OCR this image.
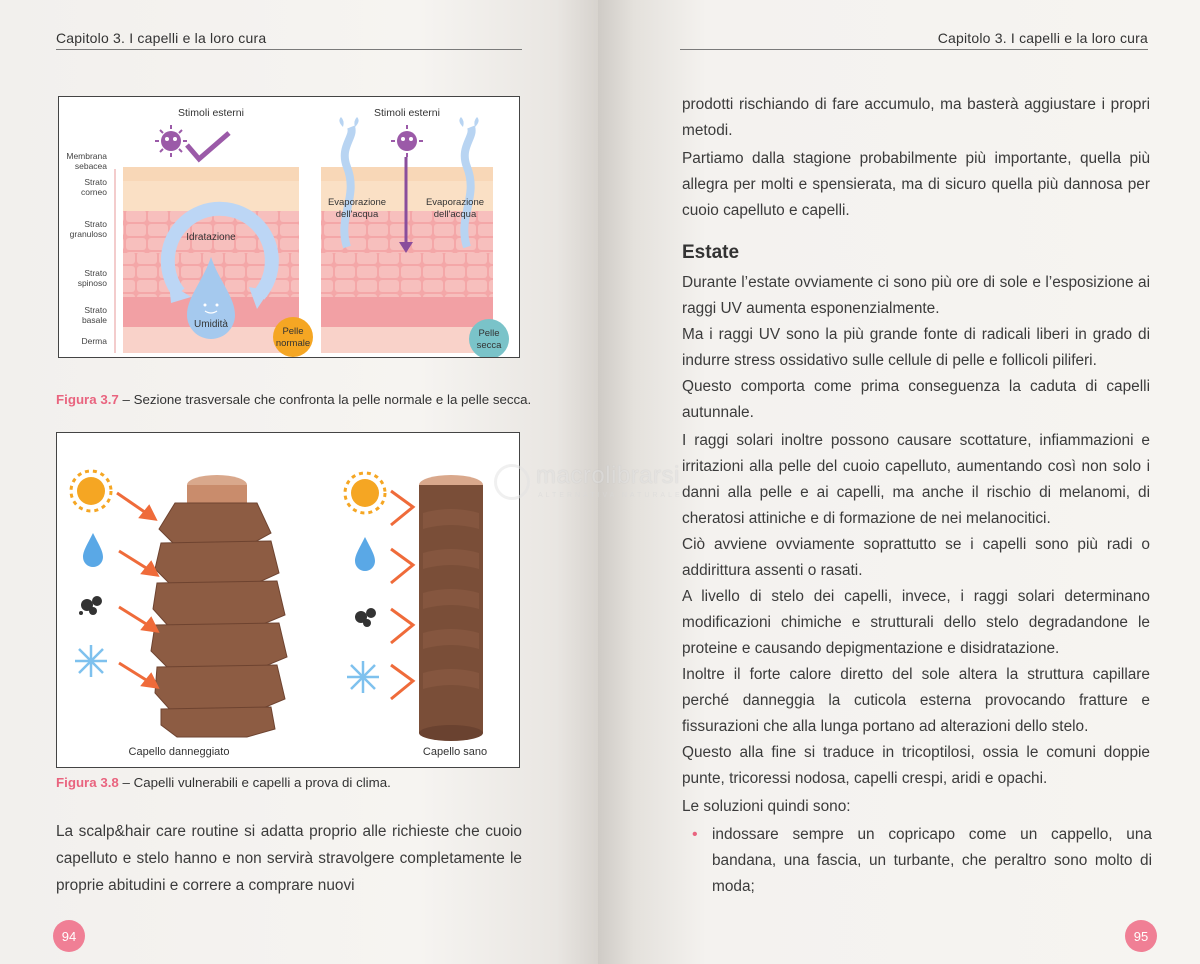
Capitolo 3. I capelli e la loro cura
Membrana
sebacea
Strato
corneo
Strato
granuloso
Strato
spinoso
Strato
basale
Derma
Idratazione
Umidità
Stimoli esterni
Evaporazione
dell'acqua
Evaporazione
dell'acqua
Stimoli esterni
Pelle
normale
Pelle
secca
Figura 3.7 – Sezione trasversale che confronta la pelle normale e la pelle secca.
Capello danneggiato	Capello sano
Figura 3.8 – Capelli vulnerabili e capelli a prova di clima.

La scalp&hair care routine si adatta proprio alle richieste che cuoio capelluto e stelo hanno e non servirà stravolgere completamente le proprie abitudini e correre a comprare nuovi

94
Capitolo 3. I capelli e la loro cura

prodotti rischiando di fare accumulo, ma basterà aggiustare i propri metodi.

Partiamo dalla stagione probabilmente più importante, quella più allegra per molti e spensierata, ma di sicuro quella più dannosa per cuoio capelluto e capelli.

Estate

Durante l’estate ovviamente ci sono più ore di sole e l’esposizione ai raggi UV aumenta esponenzialmente.

Ma i raggi UV sono la più grande fonte di radicali liberi in grado di indurre stress ossidativo sulle cellule di pelle e follicoli piliferi.

Questo comporta come prima conseguenza la caduta di capelli autunnale.

I raggi solari inoltre possono causare scottature, infiammazioni e irritazioni alla pelle del cuoio capelluto, aumentando così non solo i danni alla pelle e ai capelli, ma anche il rischio di melanomi, di cheratosi attiniche e di formazione de nei melanocitici.

Ciò avviene ovviamente soprattutto se i capelli sono più radi o addirittura assenti o rasati.

A livello di stelo dei capelli, invece, i raggi solari determinano modificazioni chimiche e strutturali dello stelo degradandone le proteine e causando depigmentazione e disidratazione.

Inoltre il forte calore diretto del sole altera la struttura capillare perché danneggia la cuticola esterna provocando fratture e fissurazioni che alla lunga portano ad alterazioni dello stelo.

Questo alla fine si traduce in tricoptilosi, ossia le comuni doppie punte, tricoressi nodosa, capelli crespi, aridi e opachi.

Le soluzioni quindi sono:

• indossare sempre un copricapo come un cappello, una bandana, una fascia, un turbante, che peraltro sono molto di moda;

95
macrolibrarsi
ALTERNATIVA NATURALE
